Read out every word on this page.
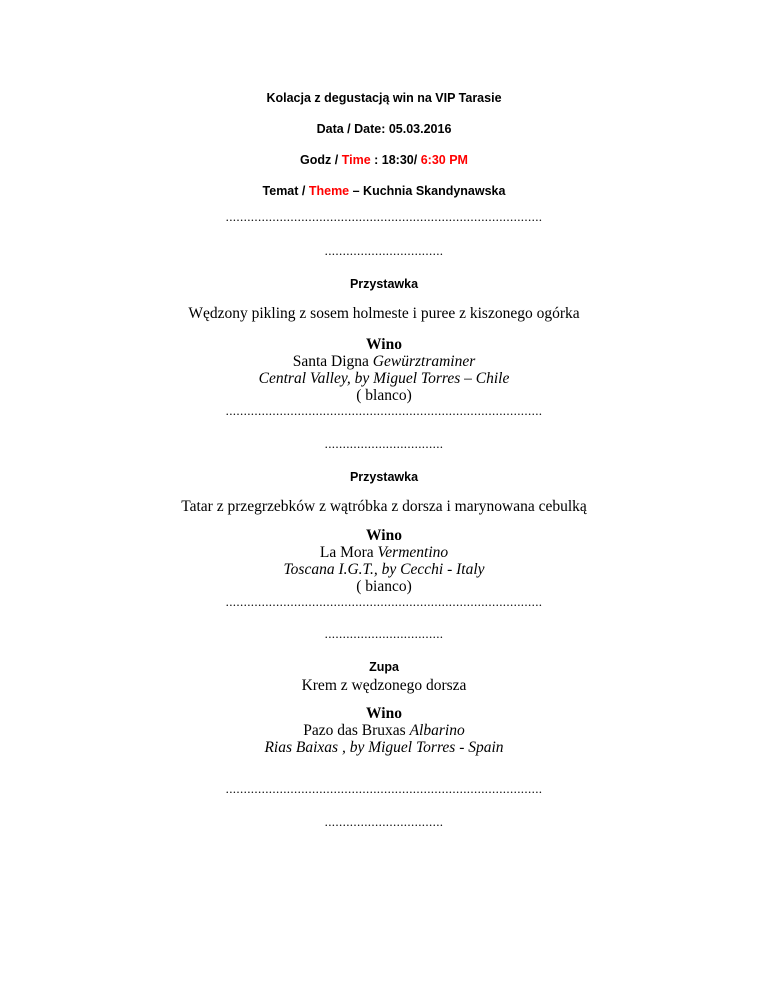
Kolacja z degustacją win na VIP Tarasie
Data / Date: 05.03.2016
Godz / Time : 18:30/ 6:30 PM
Temat / Theme – Kuchnia Skandynawska
........................................................................................
.................................
Przystawka
Wędzony pikling z sosem holmeste i puree z kiszonego ogórka
Wino
Santa Digna Gewürztraminer
Central Valley, by Miguel Torres – Chile
( blanco)
........................................................................................
.................................
Przystawka
Tatar z przegrzebków z wątróbka z dorsza i marynowana cebulką
Wino
La Mora Vermentino
Toscana I.G.T., by Cecchi - Italy
( bianco)
........................................................................................
.................................
Zupa
Krem z wędzonego dorsza
Wino
Pazo das Bruxas Albarino
Rias Baixas , by Miguel Torres - Spain
........................................................................................
.................................
